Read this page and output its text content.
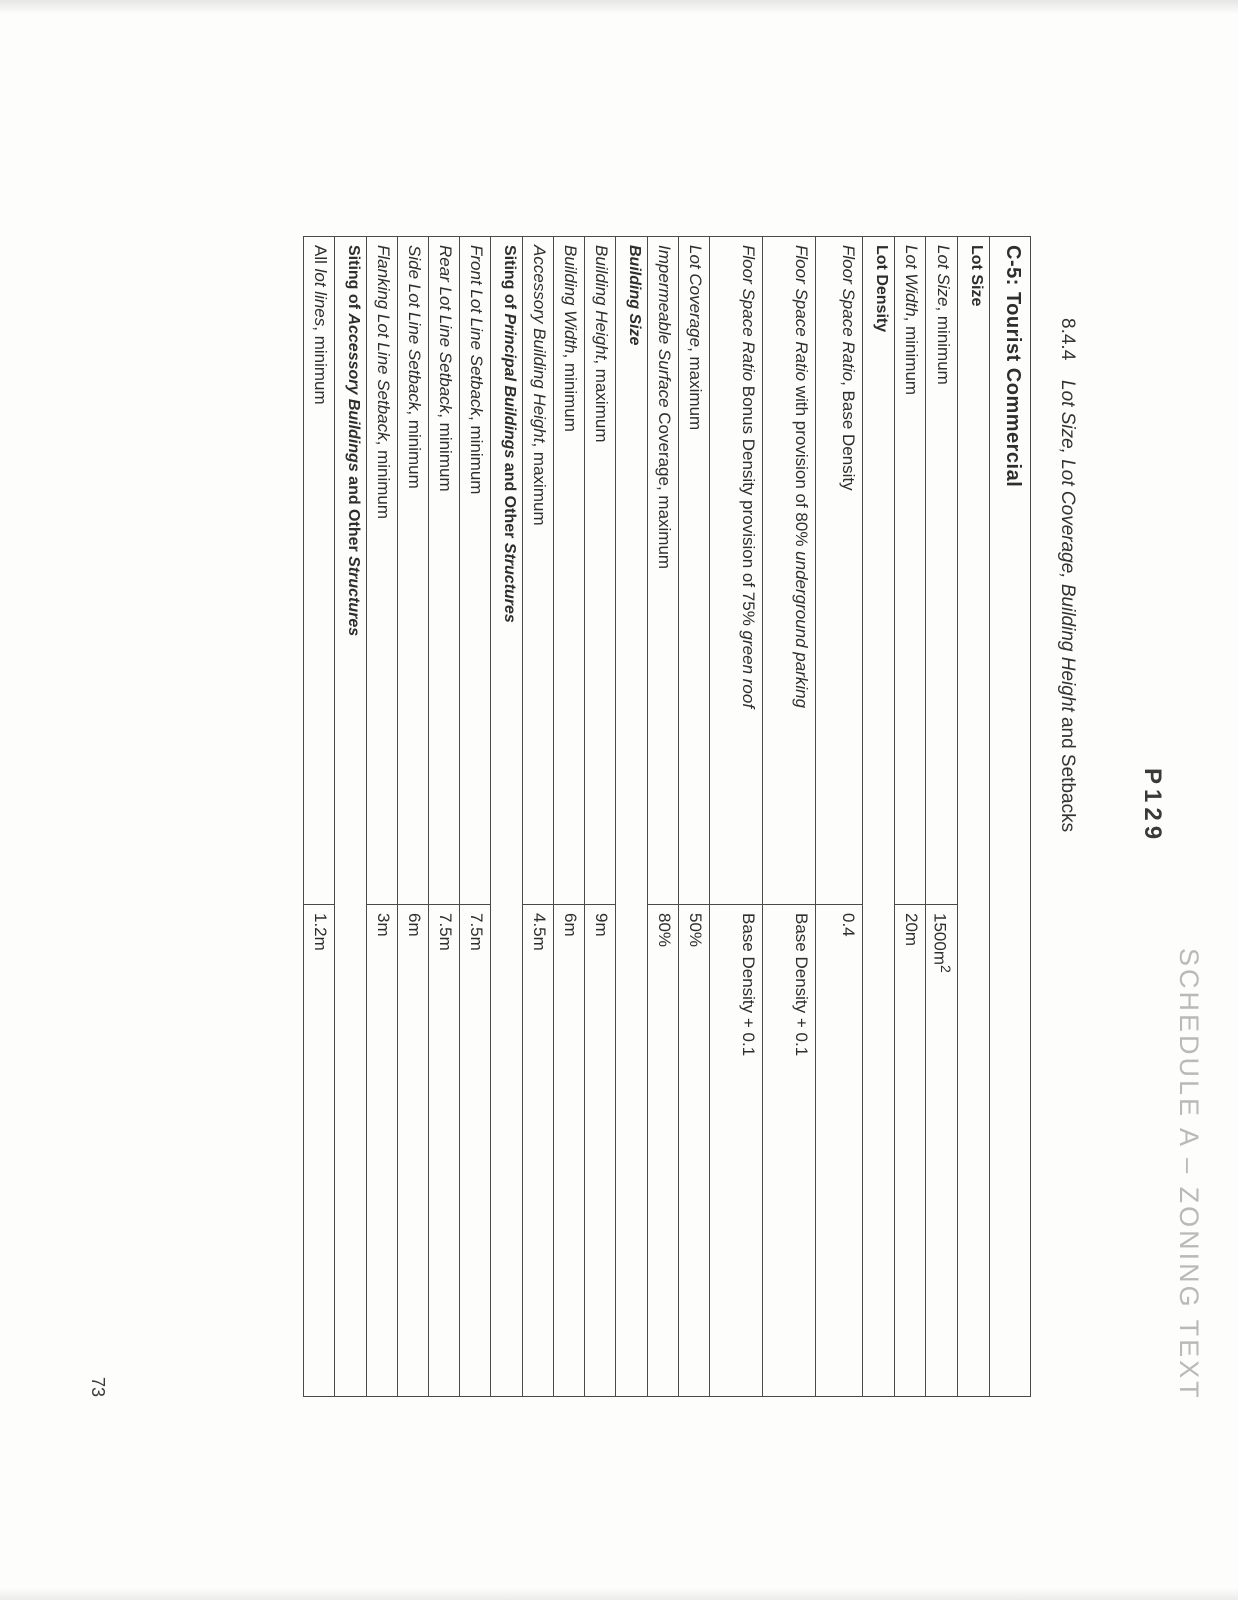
SCHEDULE A – ZONING TEXT
P129
8.4.4Lot Size, Lot Coverage, Building Height and Setbacks
C-5: Tourist Commercial	
Lot Size	
Lot Size, minimum	$1500m^2$
Lot Width, minimum	20m
Lot Density	
Floor Space Ratio, Base Density	0.4
Floor Space Ratio with provision of 80% underground parking	Base Density + 0.1
Floor Space Ratio Bonus Density provision of 75% green roof	Base Density + 0.1
Lot Coverage, maximum	50%
Impermeable Surface Coverage, maximum	80%
Building Size	
Building Height, maximum	9m
Building Width, minimum	6m
Accessory Building Height, maximum	4.5m
Siting of Principal Buildings and Other Structures	
Front Lot Line Setback, minimum	7.5m
Rear Lot Line Setback, minimum	7.5m
Side Lot Line Setback, minimum	6m
Flanking Lot Line Setback, minimum	3m
Siting of Accessory Buildings and Other Structures	
All lot lines, minimum	1.2m
73
